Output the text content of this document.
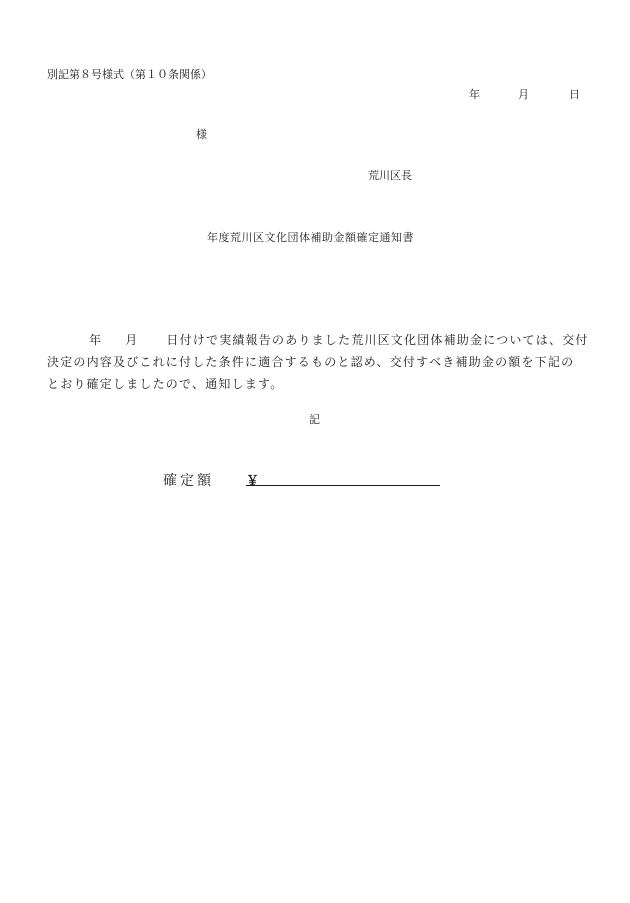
別記第８号様式（第１０条関係）
年	月	日
様
荒川区長
年度荒川区文化団体補助金額確定通知書
年 月 日付けで実績報告のありました荒川区文化団体補助金については、交付
決定の内容及びこれに付した条件に適合するものと認め、交付すべき補助金の額を下記の
とおり確定しましたので、通知します。
記
確定額 ￥
